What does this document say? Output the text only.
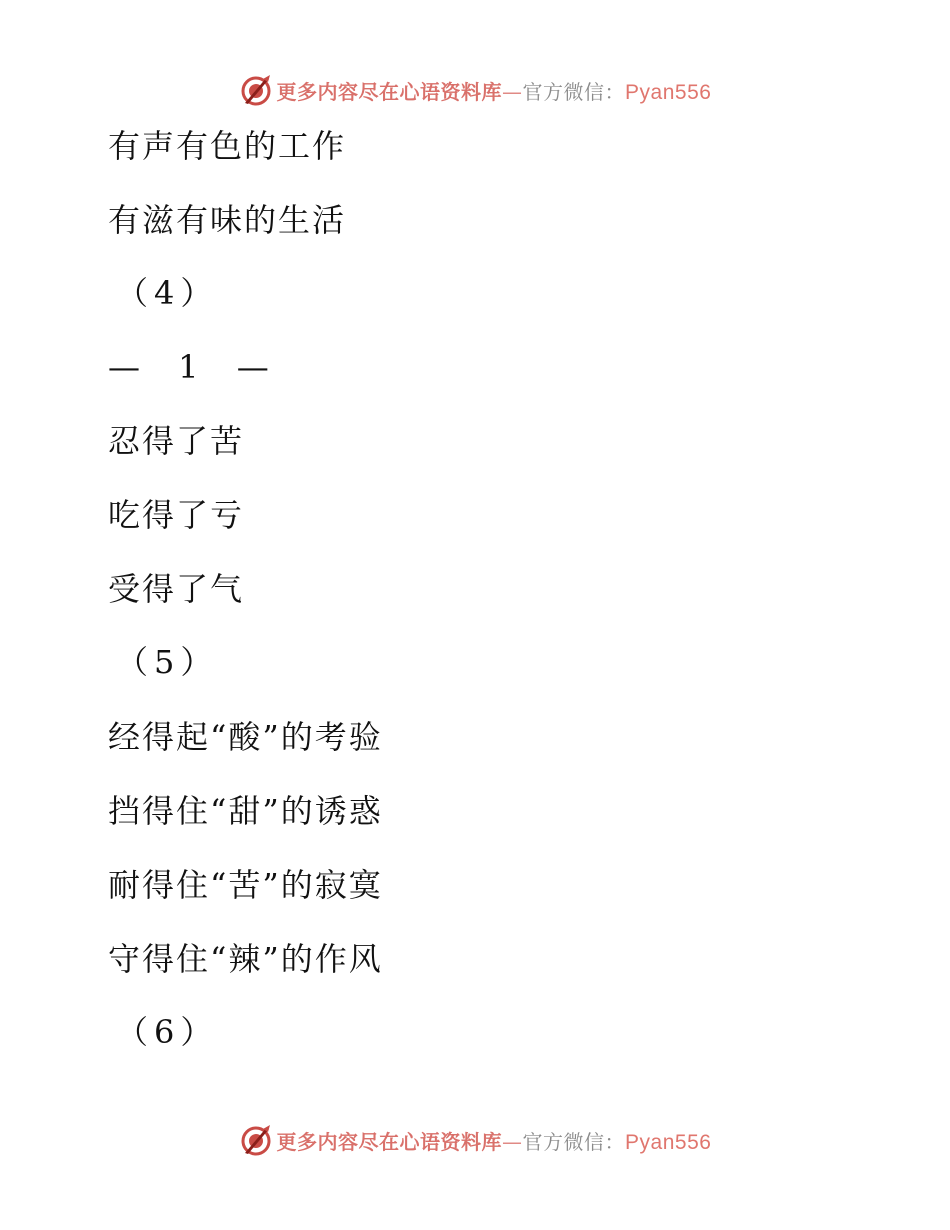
更多内容尽在心语资料库—官方微信：Pyan556
有声有色的工作
有滋有味的生活
（4）
— 1 —
忍得了苦
吃得了亏
受得了气
（5）
经得起“酸”的考验
挡得住“甜”的诱惑
耐得住“苦”的寂寞
守得住“辣”的作风
（6）
更多内容尽在心语资料库—官方微信：Pyan556
